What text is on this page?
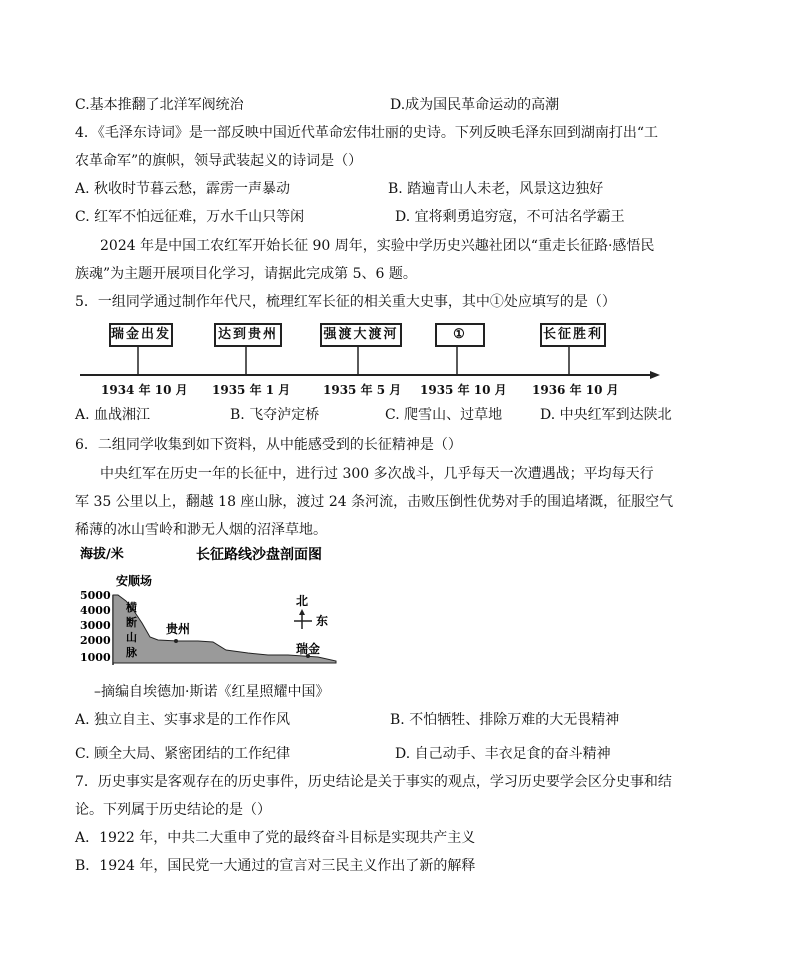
C.基本推翻了北洋军阀统治	D.成为国民革命运动的高潮
4．《毛泽东诗词》是一部反映中国近代革命宏伟壮丽的史诗。下列反映毛泽东回到湖南打出“工
农革命军”的旗帜，领导武装起义的诗词是（）
A. 秋收时节暮云愁，霹雳一声暴动	B. 踏遍青山人未老，风景这边独好
C. 红军不怕远征难，万水千山只等闲	D. 宜将剩勇追穷寇，不可沽名学霸王
2024 年是中国工农红军开始长征 90 周年，实验中学历史兴趣社团以“重走长征路·感悟民
族魂”为主题开展项目化学习，请据此完成第 5、6 题。
5．一组同学通过制作年代尺，梳理红军长征的相关重大史事，其中①处应填写的是（）
瑞金出发	达到贵州	强渡大渡河	①	长征胜利
1934 年 10 月 1935 年 1 月	1935 年 5 月 1935 年 10 月 1936 年 10 月
A. 血战湘江	B. 飞夺泸定桥	C. 爬雪山、过草地	D. 中央红军到达陕北
6．二组同学收集到如下资料，从中能感受到的长征精神是（）
中央红军在历史一年的长征中，进行过 300 多次战斗，几乎每天一次遭遇战；平均每天行
军 35 公里以上，翻越 18 座山脉，渡过 24 条河流，击败压倒性优势对手的围追堵溉，征服空气
稀薄的冰山雪岭和渺无人烟的沼泽草地。
海拔/米	长征路线沙盘剖面图
5000
4000
3000
2000
1000
安顺场
横
断
山
脉
贵州
瑞金
北
东
–摘编自埃德加·斯诺《红星照耀中国》
A. 独立自主、实事求是的工作作风	B. 不怕牺牲、排除万难的大无畏精神
C. 顾全大局、紧密团结的工作纪律	D. 自己动手、丰衣足食的奋斗精神
7．历史事实是客观存在的历史事件，历史结论是关于事实的观点，学习历史要学会区分史事和结
论。下列属于历史结论的是（）
A．1922 年，中共二大重申了党的最终奋斗目标是实现共产主义
B．1924 年，国民党一大通过的宣言对三民主义作出了新的解释
